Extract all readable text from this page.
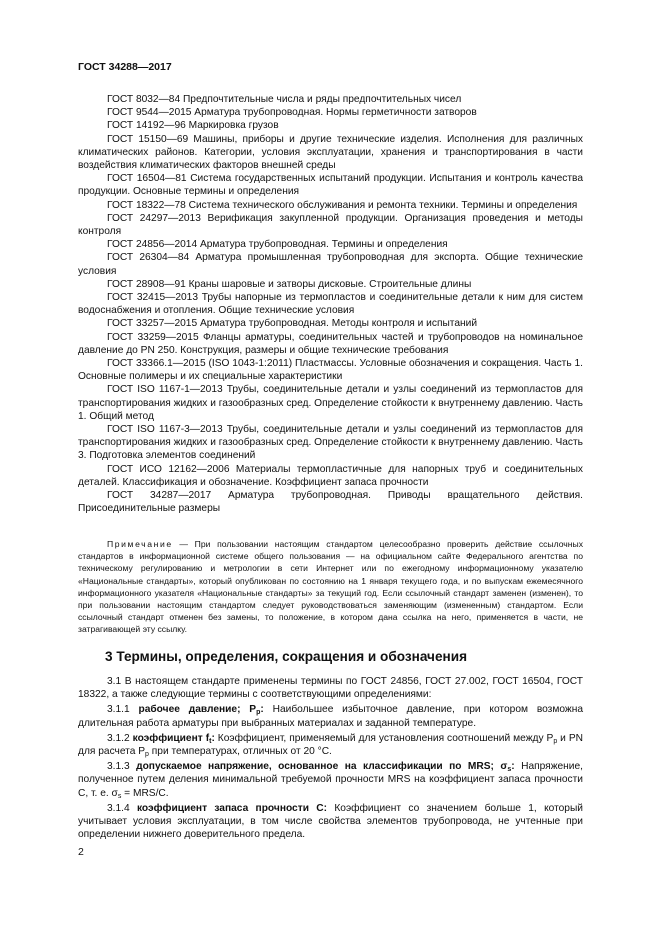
ГОСТ 34288—2017

ГОСТ 8032—84 Предпочтительные числа и ряды предпочтительных чисел

ГОСТ 9544—2015 Арматура трубопроводная. Нормы герметичности затворов

ГОСТ 14192—96 Маркировка грузов

ГОСТ 15150—69 Машины, приборы и другие технические изделия. Исполнения для различных климатических районов. Категории, условия эксплуатации, хранения и транспортирования в части воздействия климатических факторов внешней среды

ГОСТ 16504—81 Система государственных испытаний продукции. Испытания и контроль качества продукции. Основные термины и определения

ГОСТ 18322—78 Система технического обслуживания и ремонта техники. Термины и определения

ГОСТ 24297—2013 Верификация закупленной продукции. Организация проведения и методы контроля

ГОСТ 24856—2014 Арматура трубопроводная. Термины и определения

ГОСТ 26304—84 Арматура промышленная трубопроводная для экспорта. Общие технические условия

ГОСТ 28908—91 Краны шаровые и затворы дисковые. Строительные длины

ГОСТ 32415—2013 Трубы напорные из термопластов и соединительные детали к ним для систем водоснабжения и отопления. Общие технические условия

ГОСТ 33257—2015 Арматура трубопроводная. Методы контроля и испытаний

ГОСТ 33259—2015 Фланцы арматуры, соединительных частей и трубопроводов на номинальное давление до PN 250. Конструкция, размеры и общие технические требования

ГОСТ 33366.1—2015 (ISO 1043-1:2011) Пластмассы. Условные обозначения и сокращения. Часть 1. Основные полимеры и их специальные характеристики

ГОСТ ISO 1167-1—2013 Трубы, соединительные детали и узлы соединений из термопластов для транспортирования жидких и газообразных сред. Определение стойкости к внутреннему давлению. Часть 1. Общий метод

ГОСТ ISO 1167-3—2013 Трубы, соединительные детали и узлы соединений из термопластов для транспортирования жидких и газообразных сред. Определение стойкости к внутреннему давлению. Часть 3. Подготовка элементов соединений

ГОСТ ИСО 12162—2006 Материалы термопластичные для напорных труб и соединительных деталей. Классификация и обозначение. Коэффициент запаса прочности

ГОСТ 34287—2017 Арматура трубопроводная. Приводы вращательного действия. Присоединительные размеры

Примечание — При пользовании настоящим стандартом целесообразно проверить действие ссылочных стандартов в информационной системе общего пользования — на официальном сайте Федерального агентства по техническому регулированию и метрологии в сети Интернет или по ежегодному информационному указателю «Национальные стандарты», который опубликован по состоянию на 1 января текущего года, и по выпускам ежемесячного информационного указателя «Национальные стандарты» за текущий год. Если ссылочный стандарт заменен (изменен), то при пользовании настоящим стандартом следует руководствоваться заменяющим (измененным) стандартом. Если ссылочный стандарт отменен без замены, то положение, в котором дана ссылка на него, применяется в части, не затрагивающей эту ссылку.

3 Термины, определения, сокращения и обозначения

3.1 В настоящем стандарте применены термины по ГОСТ 24856, ГОСТ 27.002, ГОСТ 16504, ГОСТ 18322, а также следующие термины с соответствующими определениями:

3.1.1 рабочее давление; $P_p$: Наибольшее избыточное давление, при котором возможна длительная работа арматуры при выбранных материалах и заданной температуре.

3.1.2 коэффициент $f_t$: Коэффициент, применяемый для установления соотношений между $P_p$ и PN для расчета $P_p$ при температурах, отличных от 20 °С.

3.1.3 допускаемое напряжение, основанное на классификации по MRS; $\sigma_s$: Напряжение, полученное путем деления минимальной требуемой прочности MRS на коэффициент запаса прочности C, т. е. $\sigma_s = MRS/C$.

3.1.4 коэффициент запаса прочности C: Коэффициент со значением больше 1, который учитывает условия эксплуатации, в том числе свойства элементов трубопровода, не учтенные при определении нижнего доверительного предела.

2
